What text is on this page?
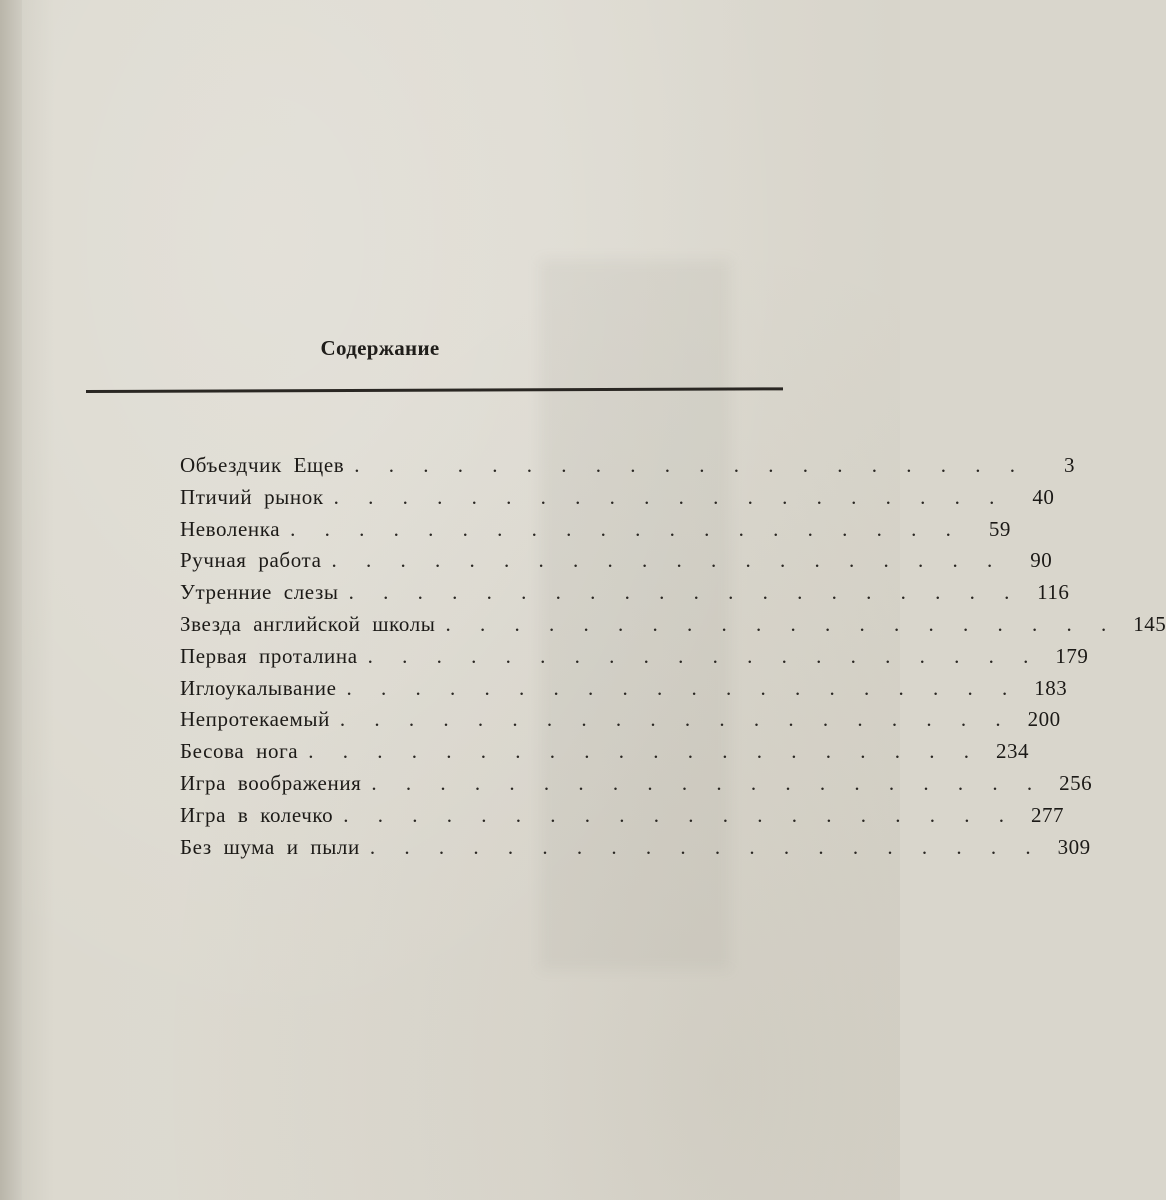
Содержание
Объездчик Ещев . . . . . . . . . . . . . . . . . . . .	3
Птичий рынок . . . . . . . . . . . . . . . . . . . .	40
Неволенка . . . . . . . . . . . . . . . . . . . .	59
Ручная работа . . . . . . . . . . . . . . . . . . . .	90
Утренние слезы . . . . . . . . . . . . . . . . . . . . 116
Звезда английской школы . . . . . . . . . . . . . . . . . . . . 145
Первая проталина . . . . . . . . . . . . . . . . . . . . 179
Иглоукалывание . . . . . . . . . . . . . . . . . . . . 183
Непротекаемый . . . . . . . . . . . . . . . . . . . . 200
Бесова нога . . . . . . . . . . . . . . . . . . . . 234
Игра воображения . . . . . . . . . . . . . . . . . . . . 256
Игра в колечко . . . . . . . . . . . . . . . . . . . . 277
Без шума и пыли . . . . . . . . . . . . . . . . . . . . 309
